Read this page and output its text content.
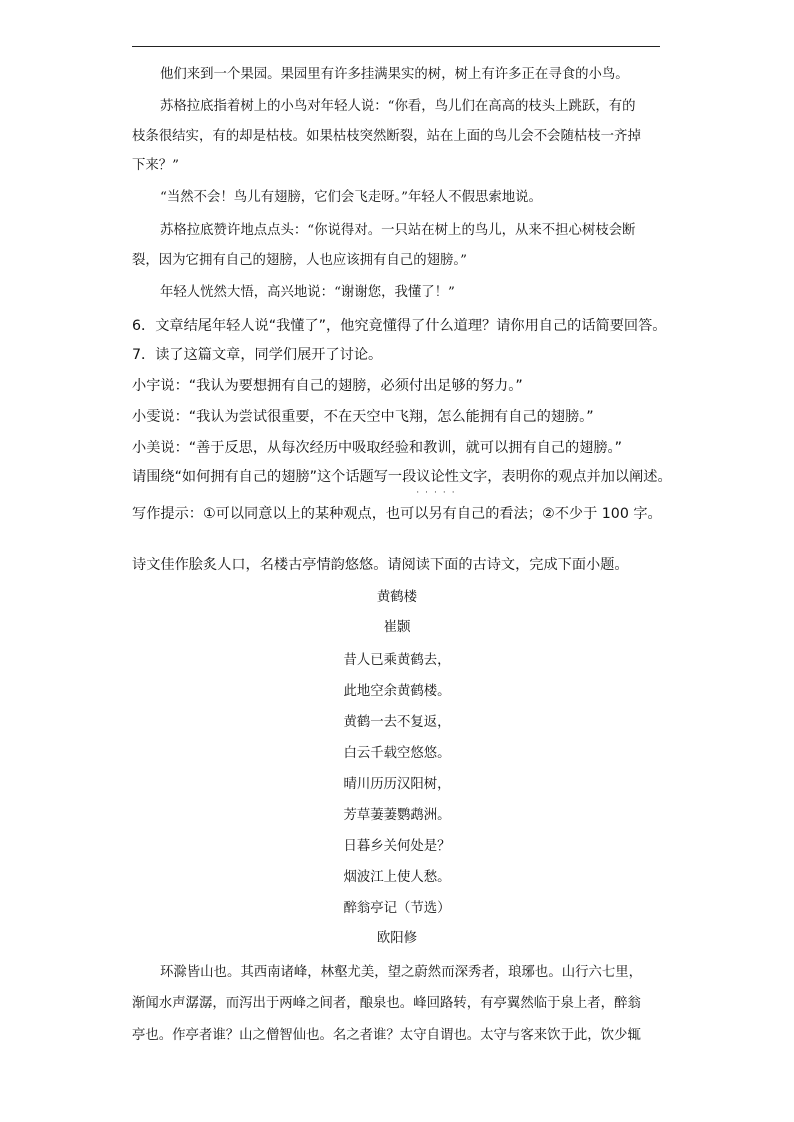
他们来到一个果园。果园里有许多挂满果实的树，树上有许多正在寻食的小鸟。
苏格拉底指着树上的小鸟对年轻人说：“你看，鸟儿们在高高的枝头上跳跃，有的
枝条很结实，有的却是枯枝。如果枯枝突然断裂，站在上面的鸟儿会不会随枯枝一齐掉
下来？”
“当然不会！鸟儿有翅膀，它们会飞走呀。”年轻人不假思索地说。
苏格拉底赞许地点点头：“你说得对。一只站在树上的鸟儿，从来不担心树枝会断
裂，因为它拥有自己的翅膀，人也应该拥有自己的翅膀。”
年轻人恍然大悟，高兴地说：“谢谢您，我懂了！”
6．文章结尾年轻人说“我懂了”，他究竟懂得了什么道理？请你用自己的话简要回答。
7．读了这篇文章，同学们展开了讨论。
小宇说：“我认为要想拥有自己的翅膀，必须付出足够的努力。”
小雯说：“我认为尝试很重要，不在天空中飞翔，怎么能拥有自己的翅膀。”
小美说：“善于反思，从每次经历中吸取经验和教训，就可以拥有自己的翅膀。”
请围绕“如何拥有自己的翅膀”这个话题写一段议论性文字
·····
，表明你的观点并加以阐述。
写作提示：①可以同意以上的某种观点，也可以另有自己的看法；②不少于 100 字。
诗文佳作脍炙人口，名楼古亭情韵悠悠。请阅读下面的古诗文，完成下面小题。
黄鹤楼
崔颢
昔人已乘黄鹤去，
此地空余黄鹤楼。
黄鹤一去不复返，
白云千载空悠悠。
晴川历历汉阳树，
芳草萋萋鹦鹉洲。
日暮乡关何处是？
烟波江上使人愁。
醉翁亭记（节选）
欧阳修
环滁皆山也。其西南诸峰，林壑尤美，望之蔚然而深秀者，琅琊也。山行六七里，
渐闻水声潺潺，而泻出于两峰之间者，酿泉也。峰回路转，有亭翼然临于泉上者，醉翁
亭也。作亭者谁？山之僧智仙也。名之者谁？太守自谓也。太守与客来饮于此，饮少辄
